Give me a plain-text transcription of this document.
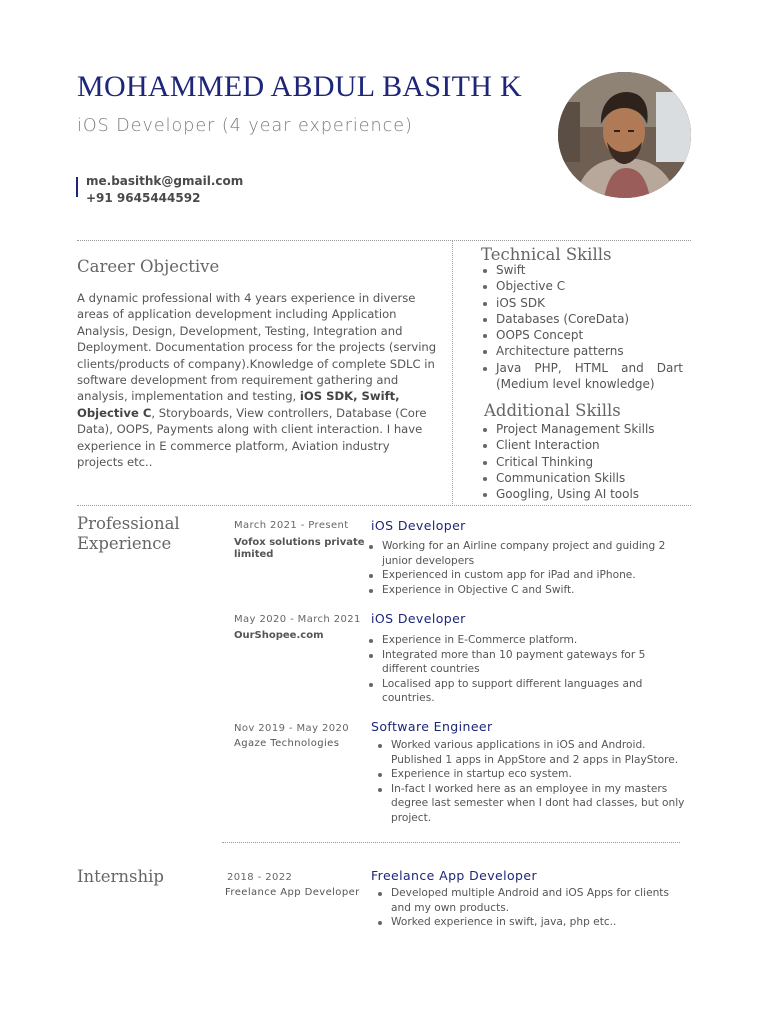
MOHAMMED ABDUL BASITH K
iOS Developer (4 year experience)
me.basithk@gmail.com
+91 9645444592
Career Objective
A dynamic professional with 4 years experience in diverse areas of application development including Application Analysis, Design, Development, Testing, Integration and Deployment. Documentation process for the projects (serving clients/products of company).Knowledge of complete SDLC in software development from requirement gathering and analysis, implementation and testing, iOS SDK, Swift, Objective C, Storyboards, View controllers, Database (Core Data), OOPS, Payments along with client interaction. I have experience in E commerce platform, Aviation industry projects etc..
Technical Skills
Swift
Objective C
iOS SDK
Databases (CoreData)
OOPS Concept
Architecture patterns
Java PHP, HTML and Dart (Medium level knowledge)
Additional Skills
Project Management Skills
Client Interaction
Critical Thinking
Communication Skills
Googling, Using AI tools
Professional Experience
March 2021 - Present
Vofox solutions private limited
iOS Developer
Working for an Airline company project and guiding 2 junior developers
Experienced in custom app for iPad and iPhone.
Experience in Objective C and Swift.
May 2020 - March 2021
OurShopee.com
iOS Developer
Experience in E-Commerce platform.
Integrated more than 10 payment gateways for 5 different countries
Localised app to support different languages and countries.
Nov 2019 - May 2020
Agaze Technologies
Software Engineer
Worked various applications in iOS and Android. Published 1 apps in AppStore and 2 apps in PlayStore.
Experience in startup eco system.
In-fact I worked here as an employee in my masters degree last semester when I dont had classes, but only project.
Internship	2018 - 2022
Freelance App Developer
Freelance App Developer
Developed multiple Android and iOS Apps for clients and my own products.
Worked experience in swift, java, php etc..
